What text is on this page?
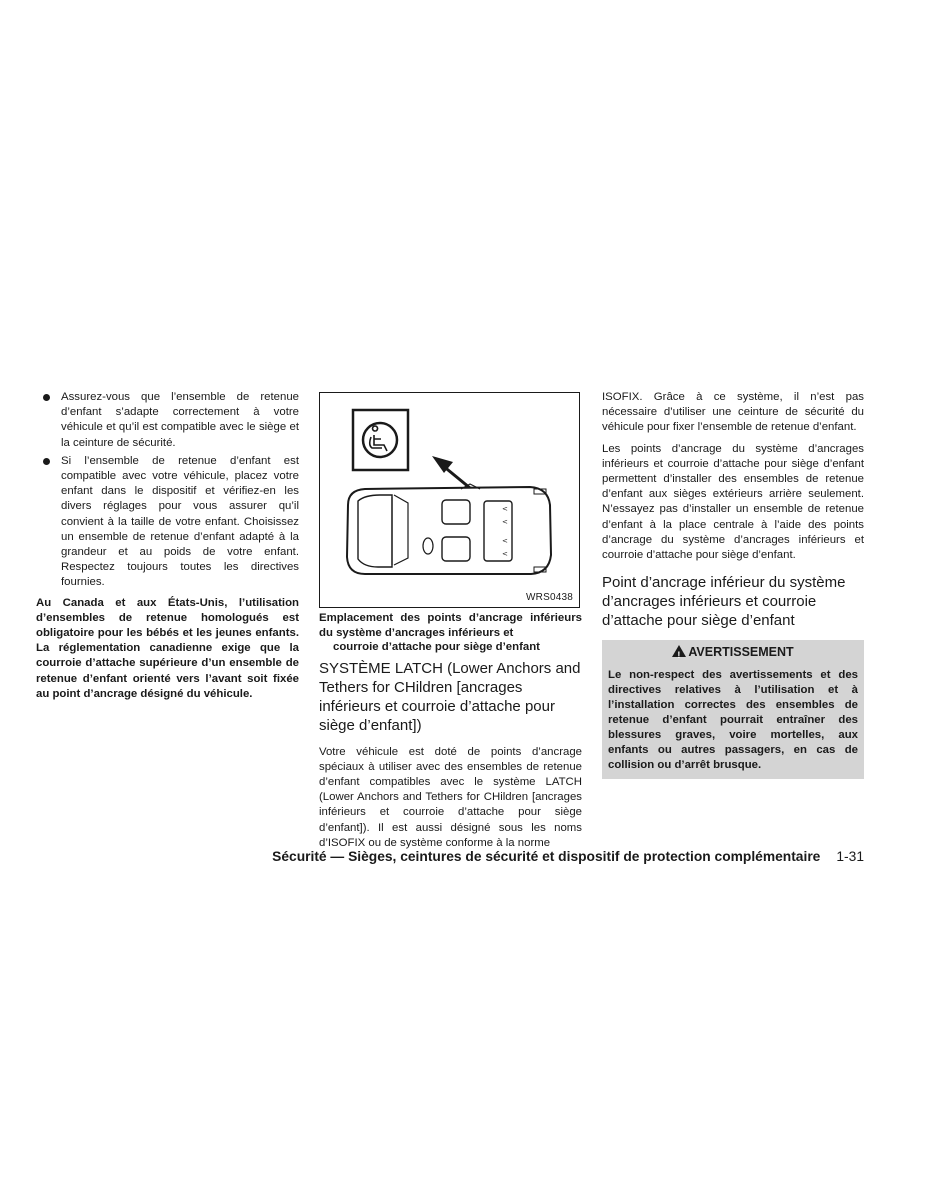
Assurez-vous que l’ensemble de retenue d’enfant s’adapte correctement à votre véhicule et qu’il est compatible avec le siège et la ceinture de sécurité.
Si l’ensemble de retenue d’enfant est compatible avec votre véhicule, placez votre enfant dans le dispositif et vérifiez-en les divers réglages pour vous assurer qu’il convient à la taille de votre enfant. Choisissez un ensemble de retenue d’enfant adapté à la grandeur et au poids de votre enfant. Respectez toujours toutes les directives fournies.
Au Canada et aux États-Unis, l’utilisation d’ensembles de retenue homologués est obligatoire pour les bébés et les jeunes enfants. La réglementation canadienne exige que la courroie d’attache supérieure d’un ensemble de retenue d’enfant orienté vers l’avant soit fixée au point d’ancrage désigné du véhicule.
<
<
<
<
WRS0438
Emplacement des points d’ancrage inférieurs du système d’ancrages inférieurs et
courroie d’attache pour siège d’enfant
SYSTÈME LATCH (Lower Anchors and Tethers for CHildren [ancrages inférieurs et courroie d’attache pour siège d’enfant])
Votre véhicule est doté de points d’ancrage spéciaux à utiliser avec des ensembles de retenue d’enfant compatibles avec le système LATCH (Lower Anchors and Tethers for CHildren [ancrages inférieurs et courroie d’attache pour siège d’enfant]). Il est aussi désigné sous les noms d’ISOFIX ou de système conforme à la norme
ISOFIX. Grâce à ce système, il n’est pas nécessaire d’utiliser une ceinture de sécurité du véhicule pour fixer l’ensemble de retenue d’enfant.
Les points d’ancrage du système d’ancrages inférieurs et courroie d’attache pour siège d’enfant permettent d’installer des ensembles de retenue d’enfant aux sièges extérieurs arrière seulement. N’essayez pas d’installer un ensemble de retenue d’enfant à la place centrale à l’aide des points d’ancrage du système d’ancrages inférieurs et courroie d’attache pour siège d’enfant.
Point d’ancrage inférieur du système d’ancrages inférieurs et courroie d’attache pour siège d’enfant
! AVERTISSEMENT
Le non-respect des avertissements et des directives relatives à l’utilisation et à l’installation correctes des ensembles de retenue d’enfant pourrait entraîner des blessures graves, voire mortelles, aux enfants ou autres passagers, en cas de collision ou d’arrêt brusque.
Sécurité — Sièges, ceintures de sécurité et dispositif de protection complémentaire 1-31
